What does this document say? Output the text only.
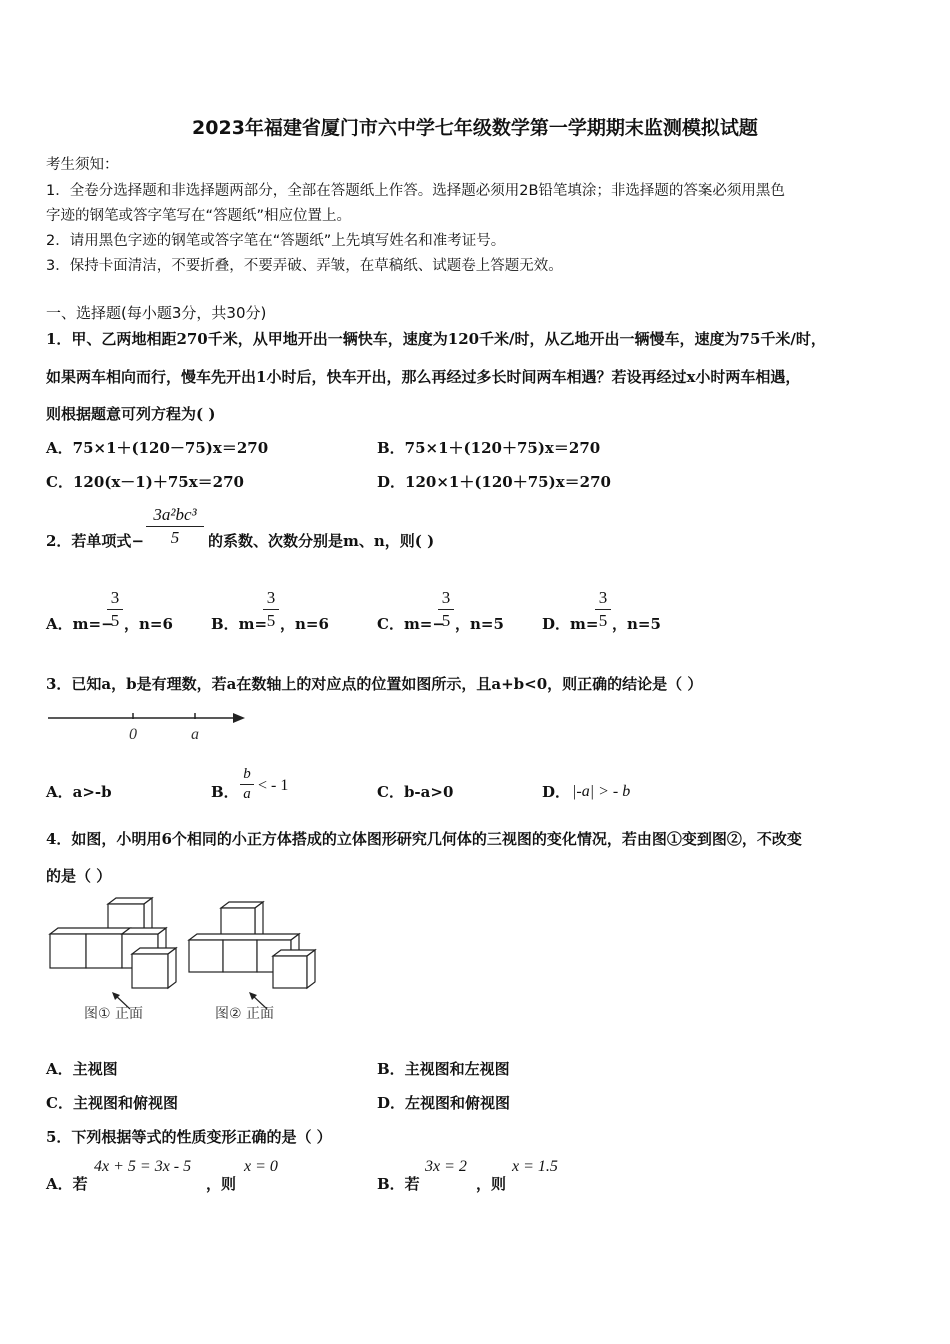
2023年福建省厦门市六中学七年级数学第一学期期末监测模拟试题
考生须知：
1．全卷分选择题和非选择题两部分，全部在答题纸上作答。选择题必须用2B铅笔填涂；非选择题的答案必须用黑色
字迹的钢笔或答字笔写在“答题纸”相应位置上。
2．请用黑色字迹的钢笔或答字笔在“答题纸”上先填写姓名和准考证号。
3．保持卡面清洁，不要折叠，不要弄破、弄皱，在草稿纸、试题卷上答题无效。
一、选择题(每小题3分，共30分)
1．甲、乙两地相距270千米，从甲地开出一辆快车，速度为120千米/时，从乙地开出一辆慢车，速度为75千米/时，
如果两车相向而行，慢车先开出1小时后，快车开出，那么再经过多长时间两车相遇？若设再经过x小时两车相遇，
则根据题意可列方程为( )
A．75×1＋(120－75)x＝270	B．75×1＋(120＋75)x＝270
C．120(x－1)＋75x＝270	D．120×1＋(120＋75)x＝270
2．若单项式−
3a²bc³
5	的系数、次数分别是m、n，则( )
A．m=−
3
5 ，n=6	B．m=
3
5 ，n=6	C．m=−
3
5 ，n=5	D．m=
3
5 ，n=5
3．已知a，b是有理数，若a在数轴上的对应点的位置如图所示，且a+b<0，则正确的结论是（ ）
0	a
A．a>-b	B．
b
a < - 1	C．b-a>0	D． |-a| > - b
4．如图，小明用6个相同的小正方体搭成的立体图形研究几何体的三视图的变化情况，若由图①变到图②，不改变
的是（ ）
图① 正面	图② 正面
A．主视图	B．主视图和左视图
C．主视图和俯视图	D．左视图和俯视图
5．下列根据等式的性质变形正确的是（ ）
A．若
4x + 5 = 3x - 5
，则
x = 0
B．若
3x = 2
，则
x = 1.5
